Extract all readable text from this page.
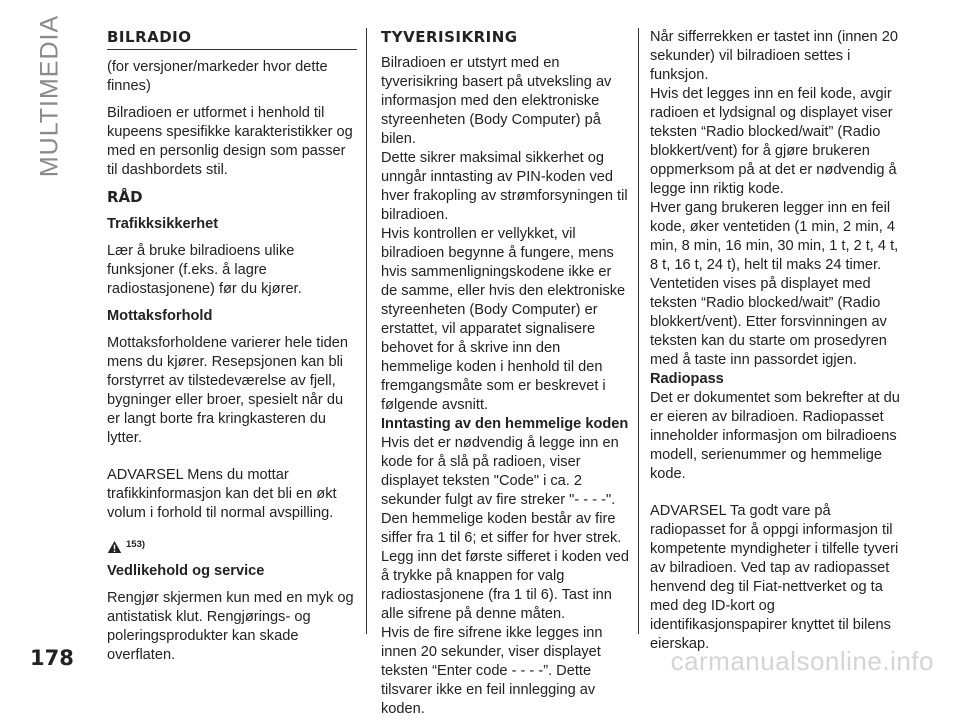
MULTIMEDIA	BILRADIO

(for versjoner/markeder hvor dette finnes)

Bilradioen er utformet i henhold til kupeens spesifikke karakteristikker og med en personlig design som passer til dashbordets stil.

RÅD
Trafikksikkerhet

Lær å bruke bilradioens ulike funksjoner (f.eks. å lagre radiostasjonene) før du kjører.

Mottaksforhold

Mottaksforholdene varierer hele tiden mens du kjører. Resepsjonen kan bli forstyrret av tilstedeværelse av fjell, bygninger eller broer, spesielt når du er langt borte fra kringkasteren du lytter.

ADVARSEL Mens du mottar trafikkinformasjon kan det bli en økt volum i forhold til normal avspilling.

153)
Vedlikehold og service

Rengjør skjermen kun med en myk og antistatisk klut. Rengjørings- og poleringsprodukter kan skade overflaten.

TYVERISIKRING

Bilradioen er utstyrt med en tyverisikring basert på utveksling av informasjon med den elektroniske styreenheten (Body Computer) på bilen.

Dette sikrer maksimal sikkerhet og unngår inntasting av PIN-koden ved hver frakopling av strømforsyningen til bilradioen.

Hvis kontrollen er vellykket, vil bilradioen begynne å fungere, mens hvis sammenligningskodene ikke er de samme, eller hvis den elektroniske styreenheten (Body Computer) er erstattet, vil apparatet signalisere behovet for å skrive inn den hemmelige koden i henhold til den fremgangsmåte som er beskrevet i følgende avsnitt.

Inntasting av den hemmelige koden

Hvis det er nødvendig å legge inn en kode for å slå på radioen, viser displayet teksten "Code" i ca. 2 sekunder fulgt av fire streker "- - - -".

Den hemmelige koden består av fire siffer fra 1 til 6; et siffer for hver strek.

Legg inn det første sifferet i koden ved å trykke på knappen for valg radiostasjonene (fra 1 til 6). Tast inn alle sifrene på denne måten.

Hvis de fire sifrene ikke legges inn innen 20 sekunder, viser displayet teksten “Enter code - - - -”. Dette tilsvarer ikke en feil innlegging av koden.

Når sifferrekken er tastet inn (innen 20 sekunder) vil bilradioen settes i funksjon.

Hvis det legges inn en feil kode, avgir radioen et lydsignal og displayet viser teksten “Radio blocked/wait” (Radio blokkert/vent) for å gjøre brukeren oppmerksom på at det er nødvendig å legge inn riktig kode.

Hver gang brukeren legger inn en feil kode, øker ventetiden (1 min, 2 min, 4 min, 8 min, 16 min, 30 min, 1 t, 2 t, 4 t, 8 t, 16 t, 24 t), helt til maks 24 timer.

Ventetiden vises på displayet med teksten “Radio blocked/wait” (Radio blokkert/vent). Etter forsvinningen av teksten kan du starte om prosedyren med å taste inn passordet igjen.

Radiopass

Det er dokumentet som bekrefter at du er eieren av bilradioen. Radiopasset inneholder informasjon om bilradioens modell, serienummer og hemmelige kode.

ADVARSEL Ta godt vare på radiopasset for å oppgi informasjon til kompetente myndigheter i tilfelle tyveri av bilradioen. Ved tap av radiopasset henvend deg til Fiat-nettverket og ta med deg ID-kort og identifikasjonspapirer knyttet til bilens eierskap.

178	carmanualsonline.info
